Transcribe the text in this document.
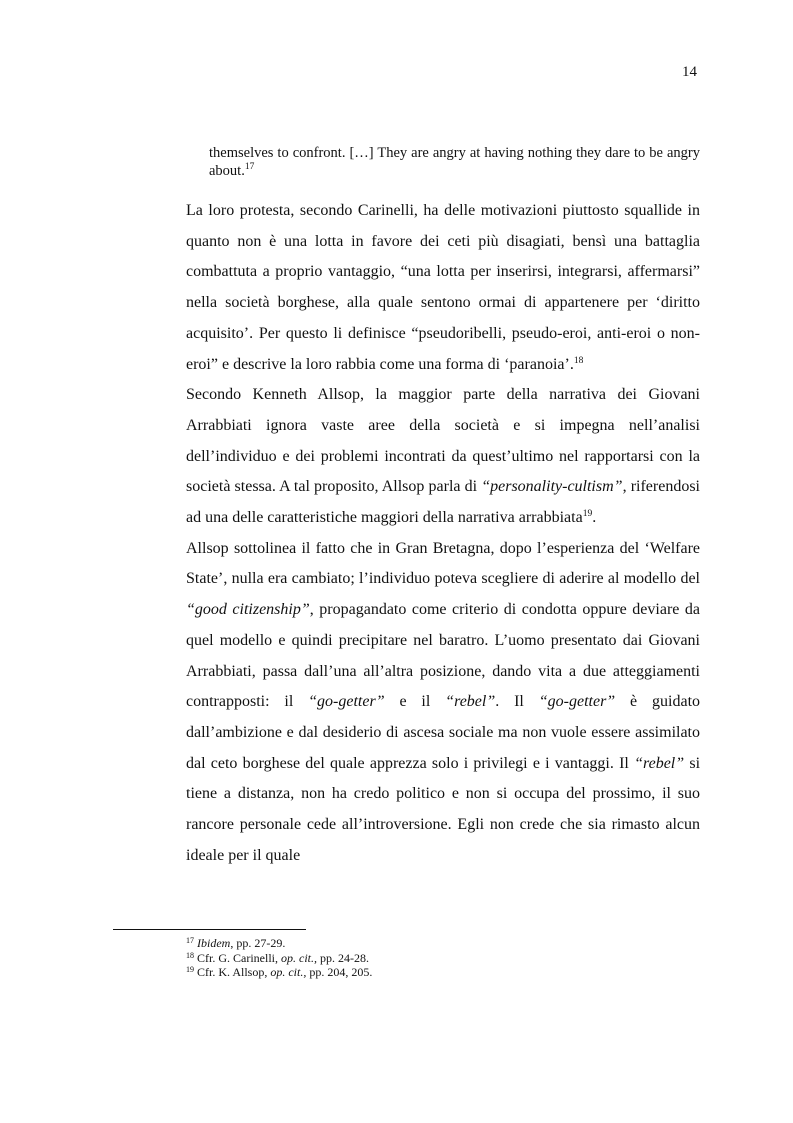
14
themselves to confront. […] They are angry at having nothing they dare to be angry about.$^{17}$

La loro protesta, secondo Carinelli, ha delle motivazioni piuttosto squallide in quanto non è una lotta in favore dei ceti più disagiati, bensì una battaglia combattuta a proprio vantaggio, “una lotta per inserirsi, integrarsi, affermarsi” nella società borghese, alla quale sentono ormai di appartenere per ‘diritto acquisito’. Per questo li definisce “pseudoribelli, pseudo-eroi, anti-eroi o non-eroi” e descrive la loro rabbia come una forma di ‘paranoia’.$^{18}$

Secondo Kenneth Allsop, la maggior parte della narrativa dei Giovani Arrabbiati ignora vaste aree della società e si impegna nell’analisi dell’individuo e dei problemi incontrati da quest’ultimo nel rapportarsi con la società stessa. A tal proposito, Allsop parla di “personality-cultism”, riferendosi ad una delle caratteristiche maggiori della narrativa arrabbiata$^{19}$.

Allsop sottolinea il fatto che in Gran Bretagna, dopo l’esperienza del ‘Welfare State’, nulla era cambiato; l’individuo poteva scegliere di aderire al modello del “good citizenship”, propagandato come criterio di condotta oppure deviare da quel modello e quindi precipitare nel baratro. L’uomo presentato dai Giovani Arrabbiati, passa dall’una all’altra posizione, dando vita a due atteggiamenti contrapposti: il “go-getter” e il “rebel”. Il “go-getter” è guidato dall’ambizione e dal desiderio di ascesa sociale ma non vuole essere assimilato dal ceto borghese del quale apprezza solo i privilegi e i vantaggi. Il “rebel” si tiene a distanza, non ha credo politico e non si occupa del prossimo, il suo rancore personale cede all’introversione. Egli non crede che sia rimasto alcun ideale per il quale

$^{17}$ Ibidem, pp. 27-29.
$^{18}$ Cfr. G. Carinelli, op. cit., pp. 24-28.
$^{19}$ Cfr. K. Allsop, op. cit., pp. 204, 205.
